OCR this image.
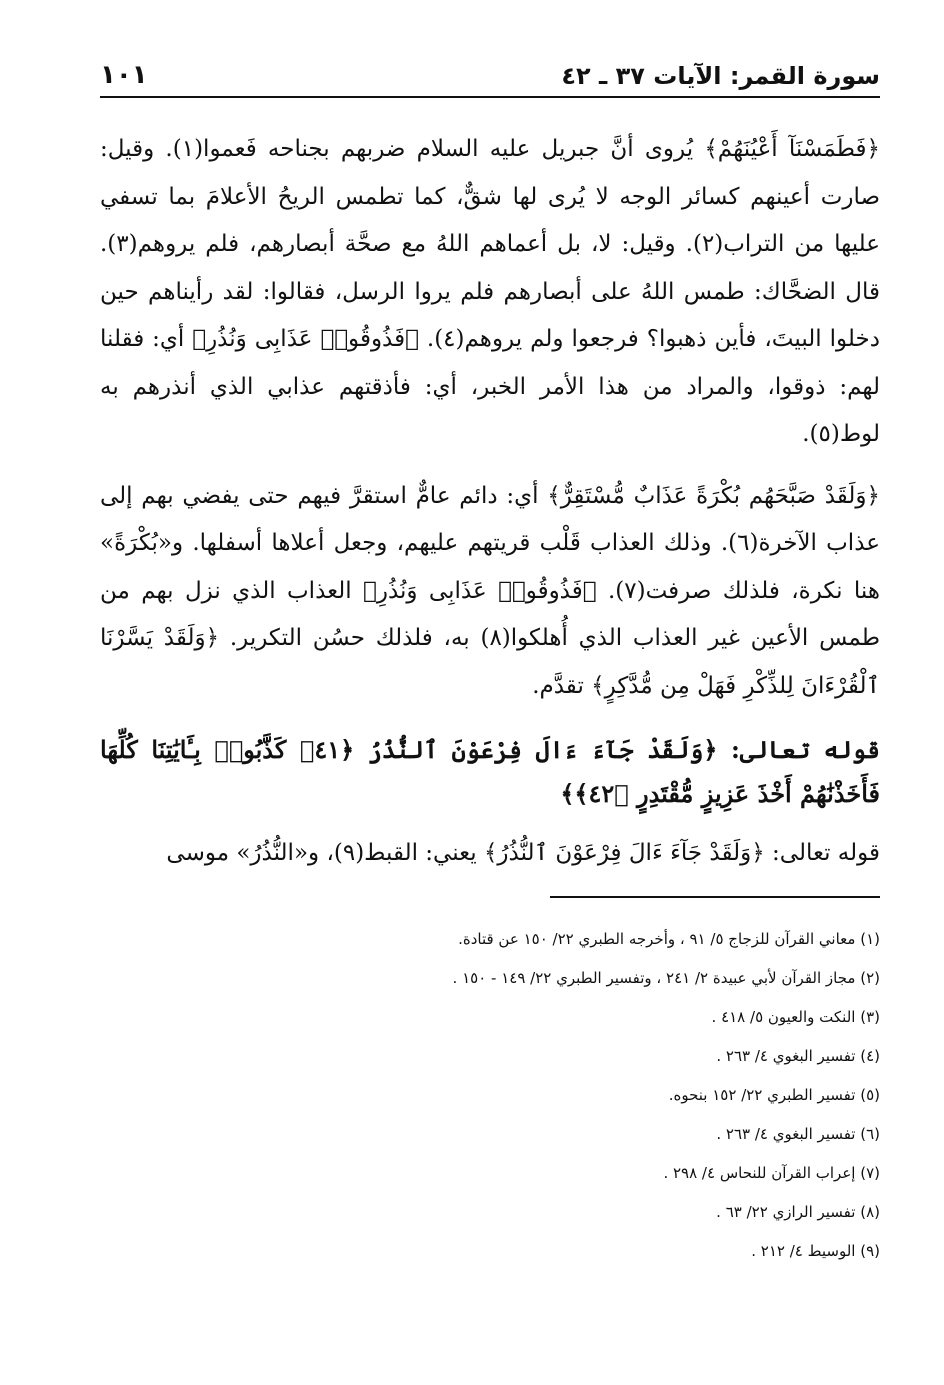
سورة القمر: الآيات ٣٧ ـ ٤٢
١٠١

﴿فَطَمَسْنَآ أَعْيُنَهُمْ﴾ يُروى أنَّ جبريل عليه السلام ضربهم بجناحه فَعموا(١). وقيل: صارت أعينهم كسائر الوجه لا يُرى لها شقٌّ، كما تطمس الريحُ الأعلامَ بما تسفي عليها من التراب(٢). وقيل: لا، بل أعماهم اللهُ مع صحَّة أبصارهم، فلم يروهم(٣). قال الضحَّاك: طمس اللهُ على أبصارهم فلم يروا الرسل، فقالوا: لقد رأيناهم حين دخلوا البيتَ، فأين ذهبوا؟ فرجعوا ولم يروهم(٤). ﴿فَذُوقُوا۟ عَذَابِى وَنُذُرِ﴾ أي: فقلنا لهم: ذوقوا، والمراد من هذا الأمر الخبر، أي: فأذقتهم عذابي الذي أنذرهم به لوط(٥).

﴿وَلَقَدْ صَبَّحَهُم بُكْرَةً عَذَابٌ مُّسْتَقِرٌّ﴾ أي: دائم عامٌّ استقرَّ فيهم حتى يفضي بهم إلى عذاب الآخرة(٦). وذلك العذاب قَلْب قريتهم عليهم، وجعل أعلاها أسفلها. و«بُكْرَةً» هنا نكرة، فلذلك صرفت(٧). ﴿فَذُوقُوا۟ عَذَابِى وَنُذُرِ﴾ العذاب الذي نزل بهم من طمس الأعين غير العذاب الذي أُهلكوا(٨) به، فلذلك حسُن التكرير. ﴿وَلَقَدْ يَسَّرْنَا ٱلْقُرْءَانَ لِلذِّكْرِ فَهَلْ مِن مُّدَّكِرٍ﴾ تقدَّم.

قوله تعالى: ﴿وَلَقَدْ جَآءَ ءَالَ فِرْعَوْنَ ٱلنُّذُرُ ﴿٤١﴾ كَذَّبُوا۟ بِـَٔايَٰتِنَا كُلِّهَا فَأَخَذْنَٰهُمْ أَخْذَ عَزِيزٍ مُّقْتَدِرٍ ﴿٤٢﴾﴾

قوله تعالى: ﴿وَلَقَدْ جَآءَ ءَالَ فِرْعَوْنَ ٱلنُّذُرُ﴾ يعني: القبط(٩)، و«النُّذُرُ» موسى

(١) معاني القرآن للزجاج ٥/ ٩١ ، وأخرجه الطبري ٢٢/ ١٥٠ عن قتادة.
(٢) مجاز القرآن لأبي عبيدة ٢/ ٢٤١ ، وتفسير الطبري ٢٢/ ١٤٩ - ١٥٠ .
(٣) النكت والعيون ٥/ ٤١٨ .
(٤) تفسير البغوي ٤/ ٢٦٣ .
(٥) تفسير الطبري ٢٢/ ١٥٢ بنحوه.
(٦) تفسير البغوي ٤/ ٢٦٣ .
(٧) إعراب القرآن للنحاس ٤/ ٢٩٨ .
(٨) تفسير الرازي ٢٢/ ٦٣ .
(٩) الوسيط ٤/ ٢١٢ .
